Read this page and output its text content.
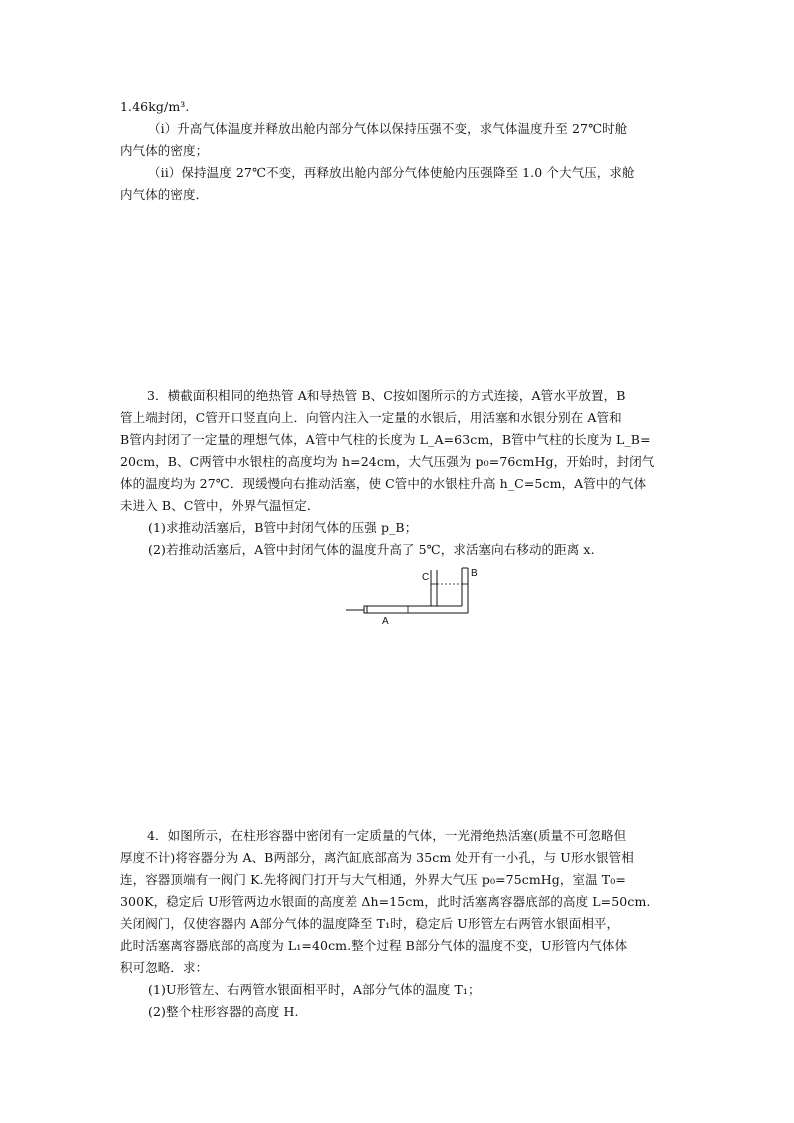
1.46kg/m³.

（i）升高气体温度并释放出舱内部分气体以保持压强不变，求气体温度升至 27℃时舱

内气体的密度；

（ii）保持温度 27℃不变，再释放出舱内部分气体使舱内压强降至 1.0 个大气压，求舱

内气体的密度．

3．横截面积相同的绝热管 A和导热管 B、C按如图所示的方式连接，A管水平放置，B

管上端封闭，C管开口竖直向上．向管内注入一定量的水银后，用活塞和水银分别在 A管和

B管内封闭了一定量的理想气体，A管中气柱的长度为 L_A=63cm，B管中气柱的长度为 L_B=

20cm，B、C两管中水银柱的高度均为 h=24cm，大气压强为 p₀=76cmHg，开始时，封闭气

体的温度均为 27℃．现缓慢向右推动活塞，使 C管中的水银柱升高 h_C=5cm，A管中的气体

未进入 B、C管中，外界气温恒定．

(1)求推动活塞后，B管中封闭气体的压强 p_B；

(2)若推动活塞后，A管中封闭气体的温度升高了 5℃，求活塞向右移动的距离 x.

C	B
A

4．如图所示，在柱形容器中密闭有一定质量的气体，一光滑绝热活塞(质量不可忽略但

厚度不计)将容器分为 A、B两部分，离汽缸底部高为 35cm 处开有一小孔，与 U形水银管相

连，容器顶端有一阀门 K.先将阀门打开与大气相通，外界大气压 p₀=75cmHg，室温 T₀=

300K，稳定后 U形管两边水银面的高度差 Δh=15cm，此时活塞离容器底部的高度 L=50cm.

关闭阀门，仅使容器内 A部分气体的温度降至 T₁时，稳定后 U形管左右两管水银面相平，

此时活塞离容器底部的高度为 L₁=40cm.整个过程 B部分气体的温度不变，U形管内气体体

积可忽略．求：

(1)U形管左、右两管水银面相平时，A部分气体的温度 T₁；

(2)整个柱形容器的高度 H.
